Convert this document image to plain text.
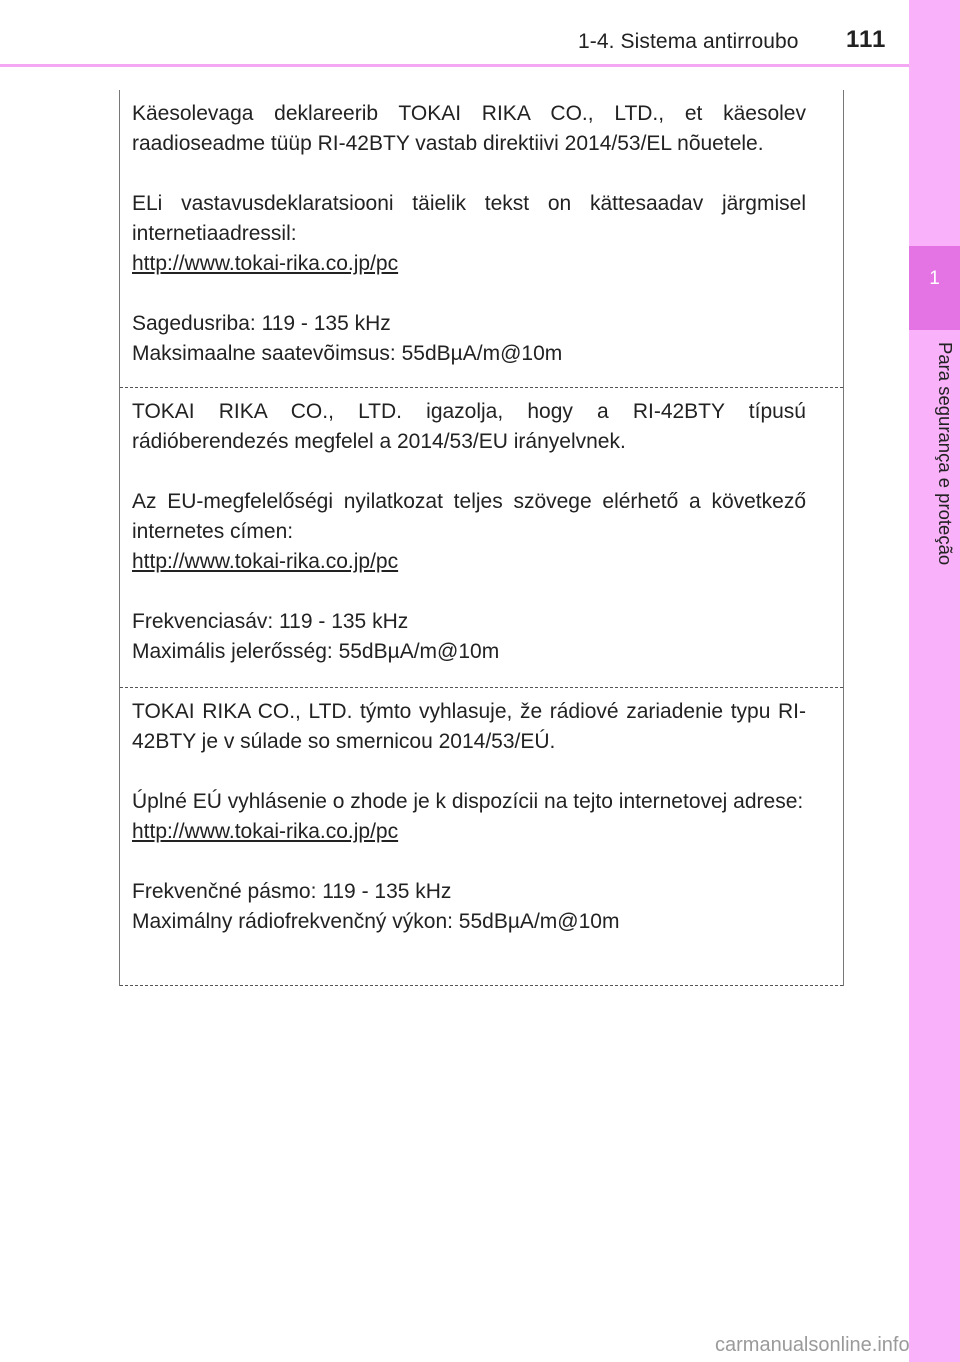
1-4. Sistema antirroubo 111
1
Para segurança e proteção

Käesolevaga deklareerib TOKAI RIKA CO., LTD., et käesolev raadioseadme tüüp RI-42BTY vastab direktiivi 2014/53/EL nõuetele.

ELi vastavusdeklaratsiooni täielik tekst on kättesaadav järgmisel internetiaadressil:

http://www.tokai-rika.co.jp/pc

Sagedusriba: 119 - 135 kHz

Maksimaalne saatevõimsus: 55dBµA/m@10m

TOKAI RIKA CO., LTD. igazolja, hogy a RI-42BTY típusú rádióberendezés megfelel a 2014/53/EU irányelvnek.

Az EU-megfelelőségi nyilatkozat teljes szövege elérhető a következő internetes címen:

http://www.tokai-rika.co.jp/pc

Frekvenciasáv: 119 - 135 kHz

Maximális jelerősség: 55dBµA/m@10m

TOKAI RIKA CO., LTD. týmto vyhlasuje, že rádiové zariadenie typu RI-42BTY je v súlade so smernicou 2014/53/EÚ.

Úplné EÚ vyhlásenie o zhode je k dispozícii na tejto internetovej adrese:

http://www.tokai-rika.co.jp/pc

Frekvenčné pásmo: 119 - 135 kHz

Maximálny rádiofrekvenčný výkon: 55dBµA/m@10m

carmanualsonline.info
